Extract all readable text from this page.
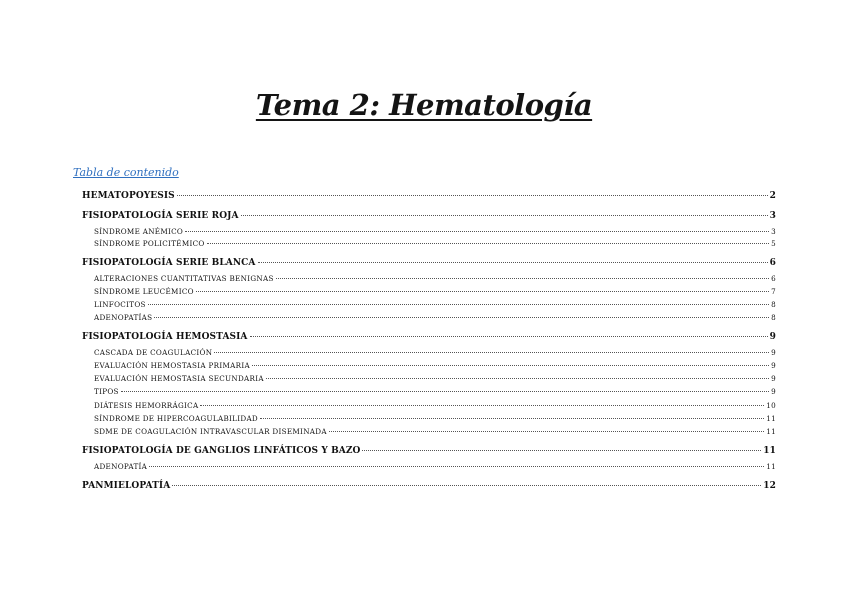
Tema 2: Hematología
Tabla de contenido
HEMATOPOYESIS	2
FISIOPATOLOGÍA SERIE ROJA	3
SÍNDROME ANÉMICO	3
SÍNDROME POLICITÉMICO	5
FISIOPATOLOGÍA SERIE BLANCA	6
ALTERACIONES CUANTITATIVAS BENIGNAS	6
SÍNDROME LEUCÉMICO	7
LINFOCITOS	8
ADENOPATÍAS	8
FISIOPATOLOGÍA HEMOSTASIA	9
CASCADA DE COAGULACIÓN	9
EVALUACIÓN HEMOSTASIA PRIMARIA	9
EVALUACIÓN HEMOSTASIA SECUNDARIA	9
TIPOS	9
DIÁTESIS HEMORRÁGICA	10
SÍNDROME DE HIPERCOAGULABILIDAD	11
SDME DE COAGULACIÓN INTRAVASCULAR DISEMINADA	11
FISIOPATOLOGÍA DE GANGLIOS LINFÁTICOS Y BAZO	11
ADENOPATÍA	11
PANMIELOPATÍA	12
